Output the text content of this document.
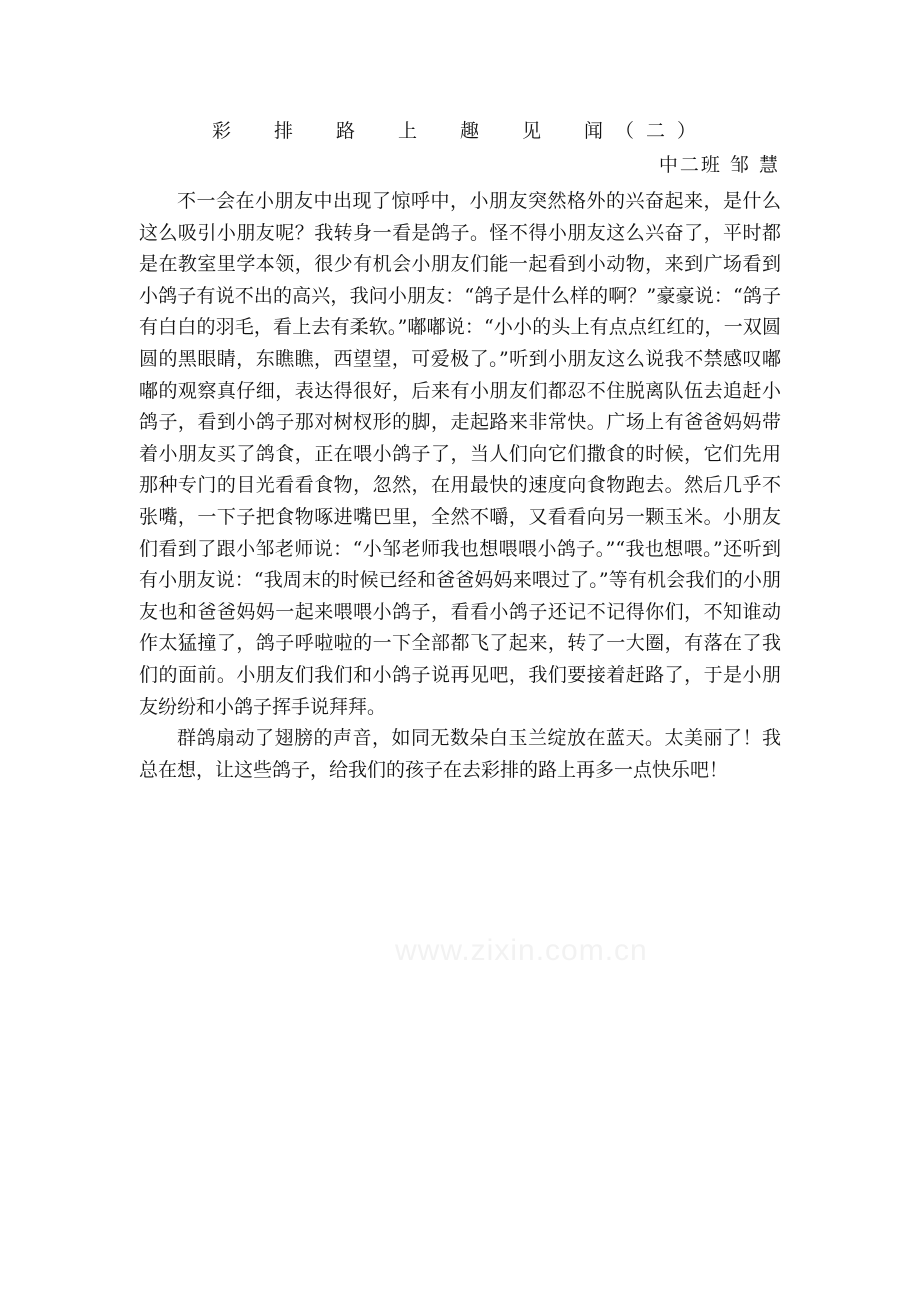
彩　排　路　上　趣　见　闻（二）
中二班 邹 慧

不一会在小朋友中出现了惊呼中，小朋友突然格外的兴奋起来，是什么这么吸引小朋友呢？我转身一看是鸽子。怪不得小朋友这么兴奋了，平时都是在教室里学本领，很少有机会小朋友们能一起看到小动物，来到广场看到小鸽子有说不出的高兴，我问小朋友：“鸽子是什么样的啊？”豪豪说：“鸽子有白白的羽毛，看上去有柔软。”嘟嘟说：“小小的头上有点点红红的，一双圆圆的黑眼睛，东瞧瞧，西望望，可爱极了。”听到小朋友这么说我不禁感叹嘟嘟的观察真仔细，表达得很好，后来有小朋友们都忍不住脱离队伍去追赶小鸽子，看到小鸽子那对树杈形的脚，走起路来非常快。广场上有爸爸妈妈带着小朋友买了鸽食，正在喂小鸽子了，当人们向它们撒食的时候，它们先用那种专门的目光看看食物，忽然，在用最快的速度向食物跑去。然后几乎不张嘴，一下子把食物啄进嘴巴里，全然不嚼，又看看向另一颗玉米。小朋友们看到了跟小邹老师说：“小邹老师我也想喂喂小鸽子。”“我也想喂。”还听到有小朋友说：“我周末的时候已经和爸爸妈妈来喂过了。”等有机会我们的小朋友也和爸爸妈妈一起来喂喂小鸽子，看看小鸽子还记不记得你们，不知谁动作太猛撞了，鸽子呼啦啦的一下全部都飞了起来，转了一大圈，有落在了我们的面前。小朋友们我们和小鸽子说再见吧，我们要接着赶路了，于是小朋友纷纷和小鸽子挥手说拜拜。

群鸽扇动了翅膀的声音，如同无数朵白玉兰绽放在蓝天。太美丽了！我总在想，让这些鸽子，给我们的孩子在去彩排的路上再多一点快乐吧！

www.zixin.com.cn
